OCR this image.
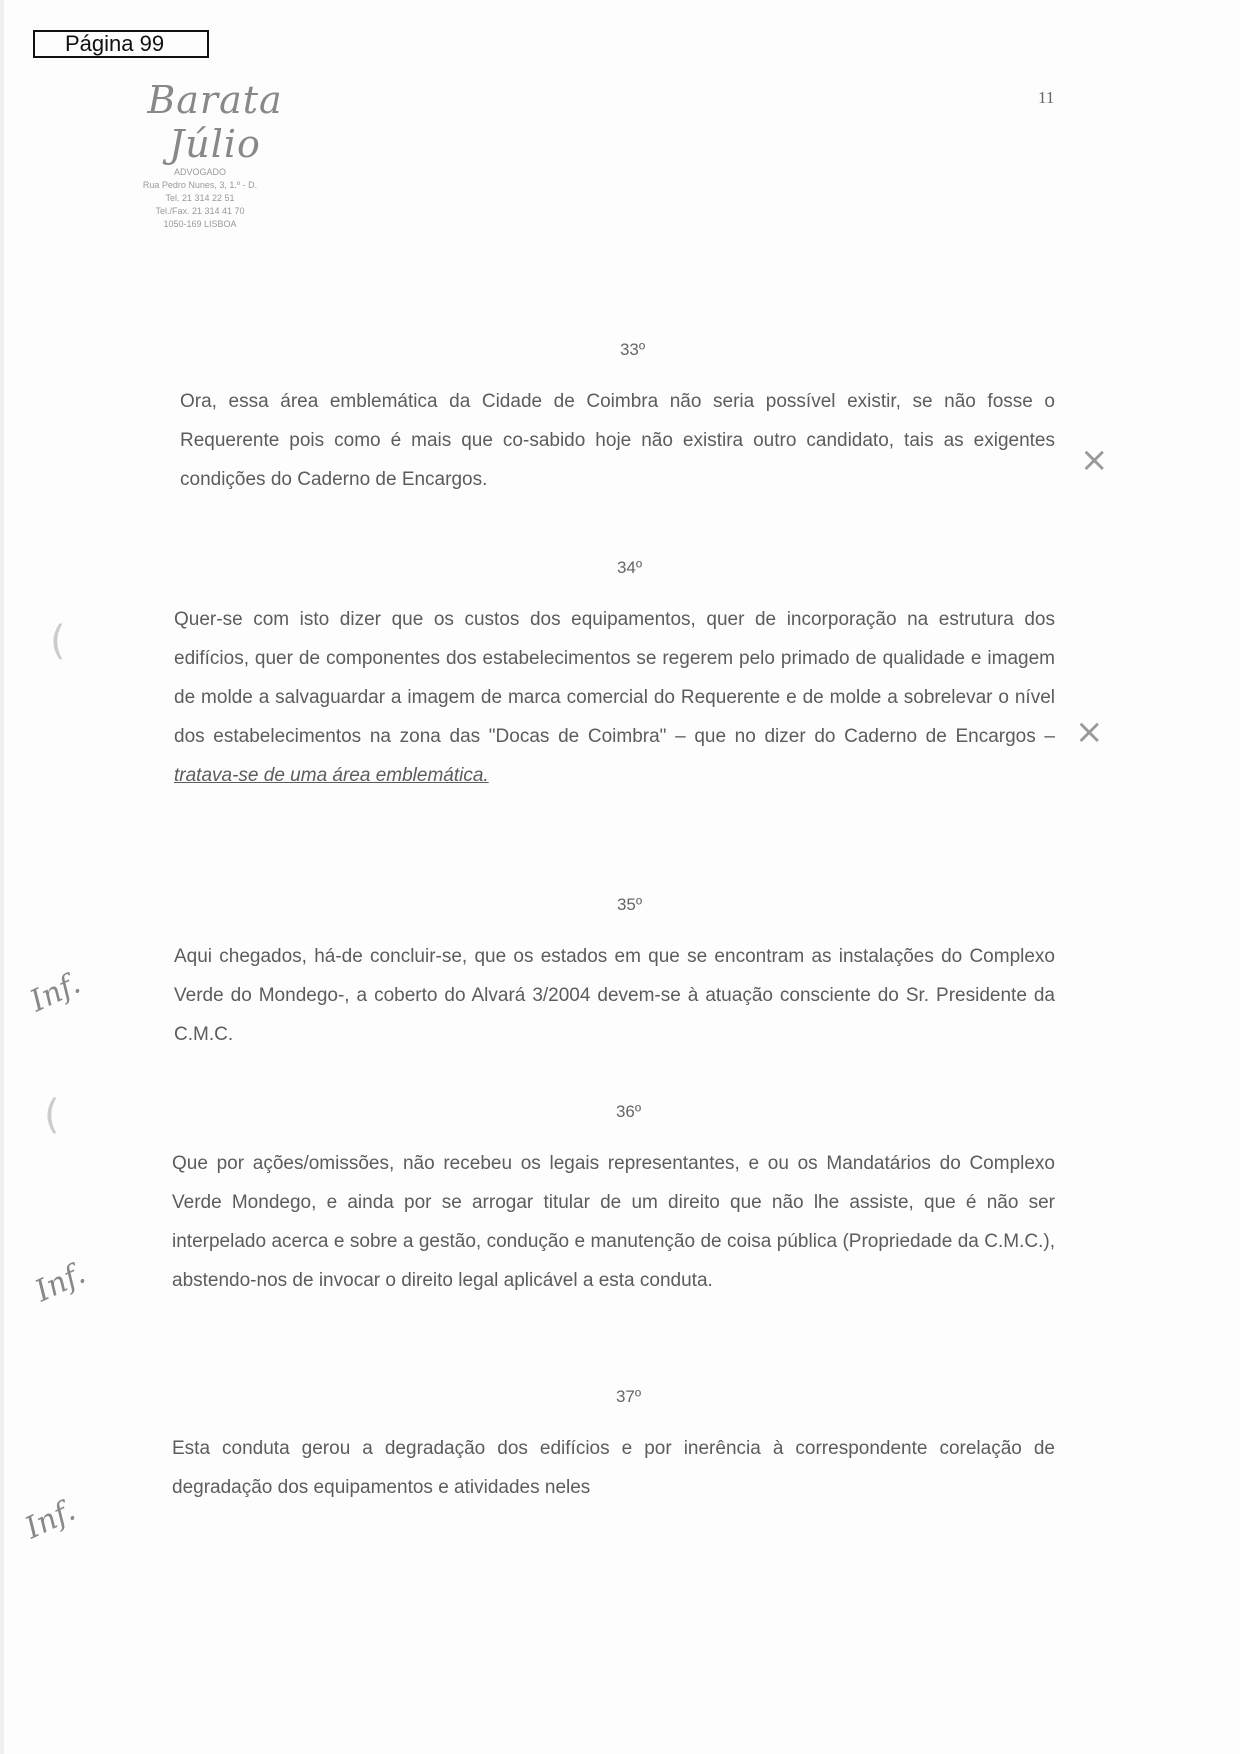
Página 99
Barata Júlio
ADVOGADO
Rua Pedro Nunes, 3, 1.º - D.
Tel. 21 314 22 51
Tel./Fax. 21 314 41 70
1050-169 LISBOA
11

33º

Ora, essa área emblemática da Cidade de Coimbra não seria possível existir, se não fosse o Requerente pois como é mais que co-sabido hoje não existira outro candidato, tais as exigentes condições do Caderno de Encargos.

34º

Quer-se com isto dizer que os custos dos equipamentos, quer de incorporação na estrutura dos edifícios, quer de componentes dos estabelecimentos se regerem pelo primado de qualidade e imagem de molde a salvaguardar a imagem de marca comercial do Requerente e de molde a sobrelevar o nível dos estabelecimentos na zona das "Docas de Coimbra" – que no dizer do Caderno de Encargos – tratava-se de uma área emblemática.

35º

Aqui chegados, há-de concluir-se, que os estados em que se encontram as instalações do Complexo Verde do Mondego-, a coberto do Alvará 3/2004 devem-se à atuação consciente do Sr. Presidente da C.M.C.

36º

Que por ações/omissões, não recebeu os legais representantes, e ou os Mandatários do Complexo Verde Mondego, e ainda por se arrogar titular de um direito que não lhe assiste, que é não ser interpelado acerca e sobre a gestão, condução e manutenção de coisa pública (Propriedade da C.M.C.), abstendo-nos de invocar o direito legal aplicável a esta conduta.

37º

Esta conduta gerou a degradação dos edifícios e por inerência à correspondente corelação de degradação dos equipamentos e atividades neles

×
×
(
(
Inf.
Inf.
Inf.
